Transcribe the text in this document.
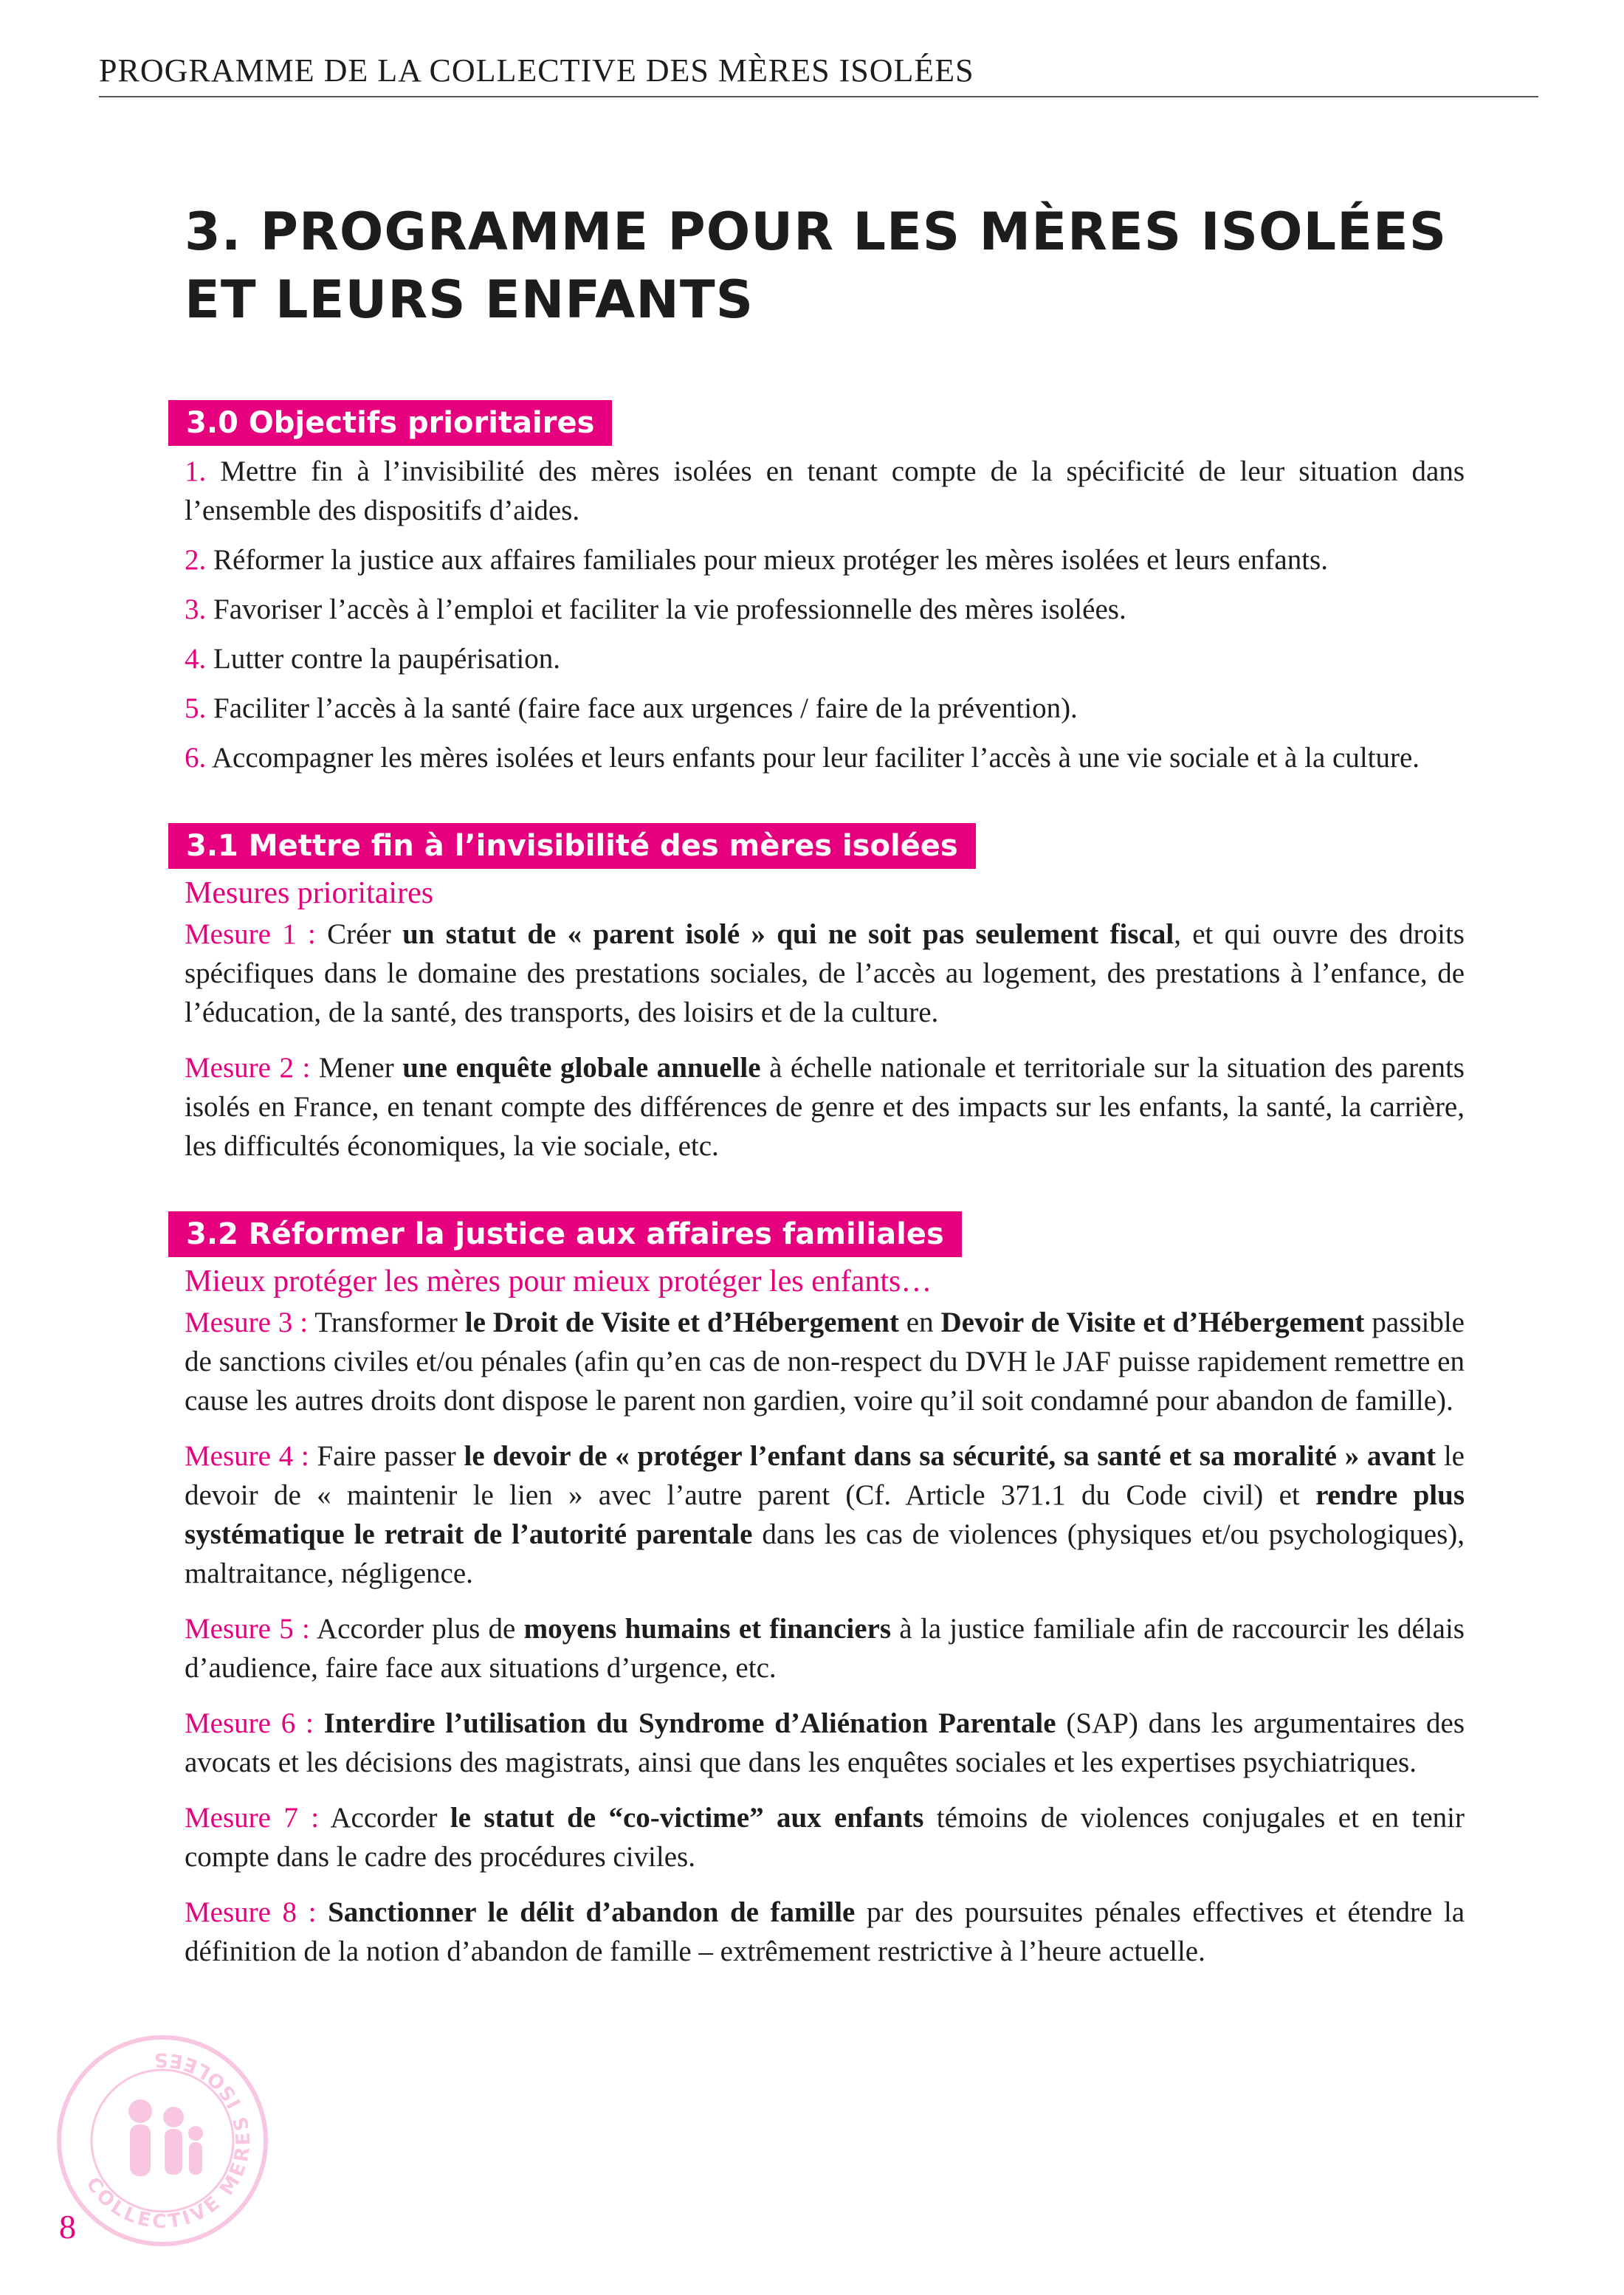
PROGRAMME DE LA COLLECTIVE DES MÈRES ISOLÉES
3. PROGRAMME POUR LES MÈRES ISOLÉES
ET LEURS ENFANTS
3.0 Objectifs prioritaires

1. Mettre fin à l’invisibilité des mères isolées en tenant compte de la spécificité de leur situation dans l’ensemble des dispositifs d’aides.

2. Réformer la justice aux affaires familiales pour mieux protéger les mères isolées et leurs enfants.

3. Favoriser l’accès à l’emploi et faciliter la vie professionnelle des mères isolées.

4. Lutter contre la paupérisation.

5. Faciliter l’accès à la santé (faire face aux urgences / faire de la prévention).

6. Accompagner les mères isolées et leurs enfants pour leur faciliter l’accès à une vie sociale et à la culture.

3.1 Mettre fin à l’invisibilité des mères isolées
Mesures prioritaires

Mesure 1 : Créer un statut de « parent isolé » qui ne soit pas seulement fiscal, et qui ouvre des droits spécifiques dans le domaine des prestations sociales, de l’accès au logement, des prestations à l’enfance, de l’éducation, de la santé, des transports, des loisirs et de la culture.

Mesure 2 : Mener une enquête globale annuelle à échelle nationale et territoriale sur la situation des parents isolés en France, en tenant compte des différences de genre et des impacts sur les enfants, la santé, la carrière, les difficultés économiques, la vie sociale, etc.

3.2 Réformer la justice aux affaires familiales
Mieux protéger les mères pour mieux protéger les enfants…

Mesure 3 : Transformer le Droit de Visite et d’Hébergement en Devoir de Visite et d’Hébergement passible de sanctions civiles et/ou pénales (afin qu’en cas de non-respect du DVH le JAF puisse rapidement remettre en cause les autres droits dont dispose le parent non gardien, voire qu’il soit condamné pour abandon de famille).

Mesure 4 : Faire passer le devoir de « protéger l’enfant dans sa sécurité, sa santé et sa moralité » avant le devoir de « maintenir le lien » avec l’autre parent (Cf. Article 371.1 du Code civil) et rendre plus systématique le retrait de l’autorité parentale dans les cas de violences (physiques et/ou psychologiques), maltraitance, négligence.

Mesure 5 : Accorder plus de moyens humains et financiers à la justice familiale afin de raccourcir les délais d’audience, faire face aux situations d’urgence, etc.

Mesure 6 : Interdire l’utilisation du Syndrome d’Aliénation Parentale (SAP) dans les argumentaires des avocats et les décisions des magistrats, ainsi que dans les enquêtes sociales et les expertises psychiatriques.

Mesure 7 : Accorder le statut de “co-victime” aux enfants témoins de violences conjugales et en tenir compte dans le cadre des procédures civiles.

Mesure 8 : Sanctionner le délit d’abandon de famille par des poursuites pénales effectives et étendre la définition de la notion d’abandon de famille – extrêmement restrictive à l’heure actuelle.

COLLECTIVE MÈRES ISOLÉES
8
